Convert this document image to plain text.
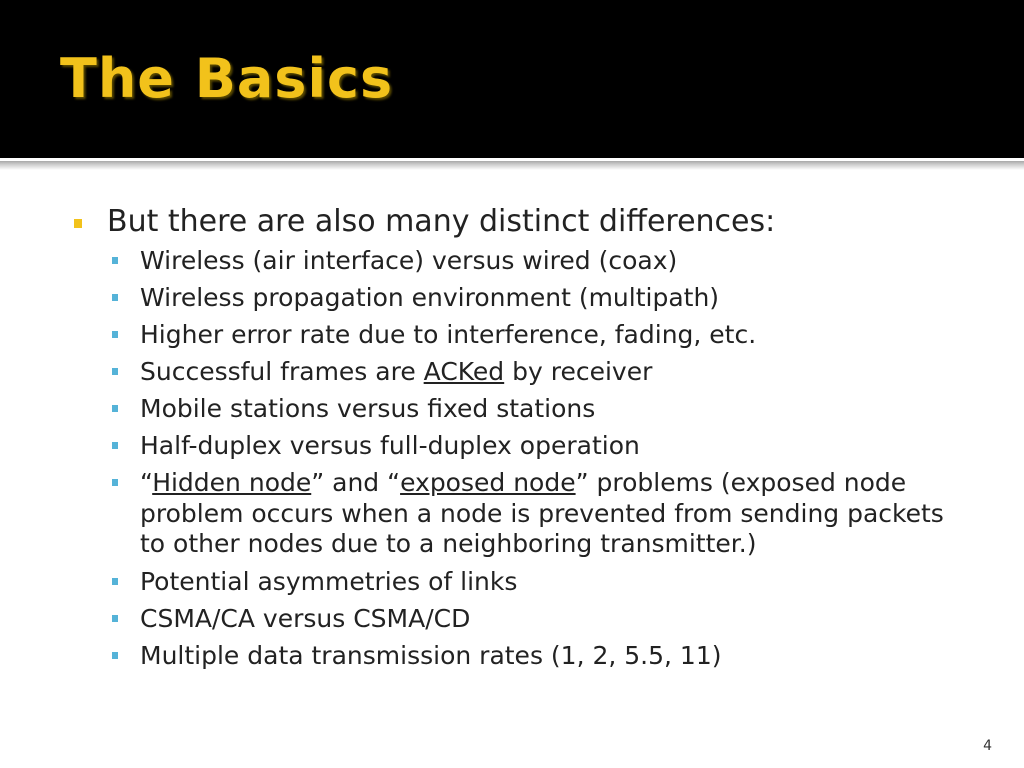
The Basics
But there are also many distinct differences:
Wireless (air interface) versus wired (coax)
Wireless propagation environment (multipath)
Higher error rate due to interference, fading, etc.
Successful frames are ACKed by receiver
Mobile stations versus fixed stations
Half-duplex versus full-duplex operation
“Hidden node” and “exposed node” problems (exposed node problem occurs when a node is prevented from sending packets to other nodes due to a neighboring transmitter.)
Potential asymmetries of links
CSMA/CA versus CSMA/CD
Multiple data transmission rates (1, 2, 5.5, 11)
4
